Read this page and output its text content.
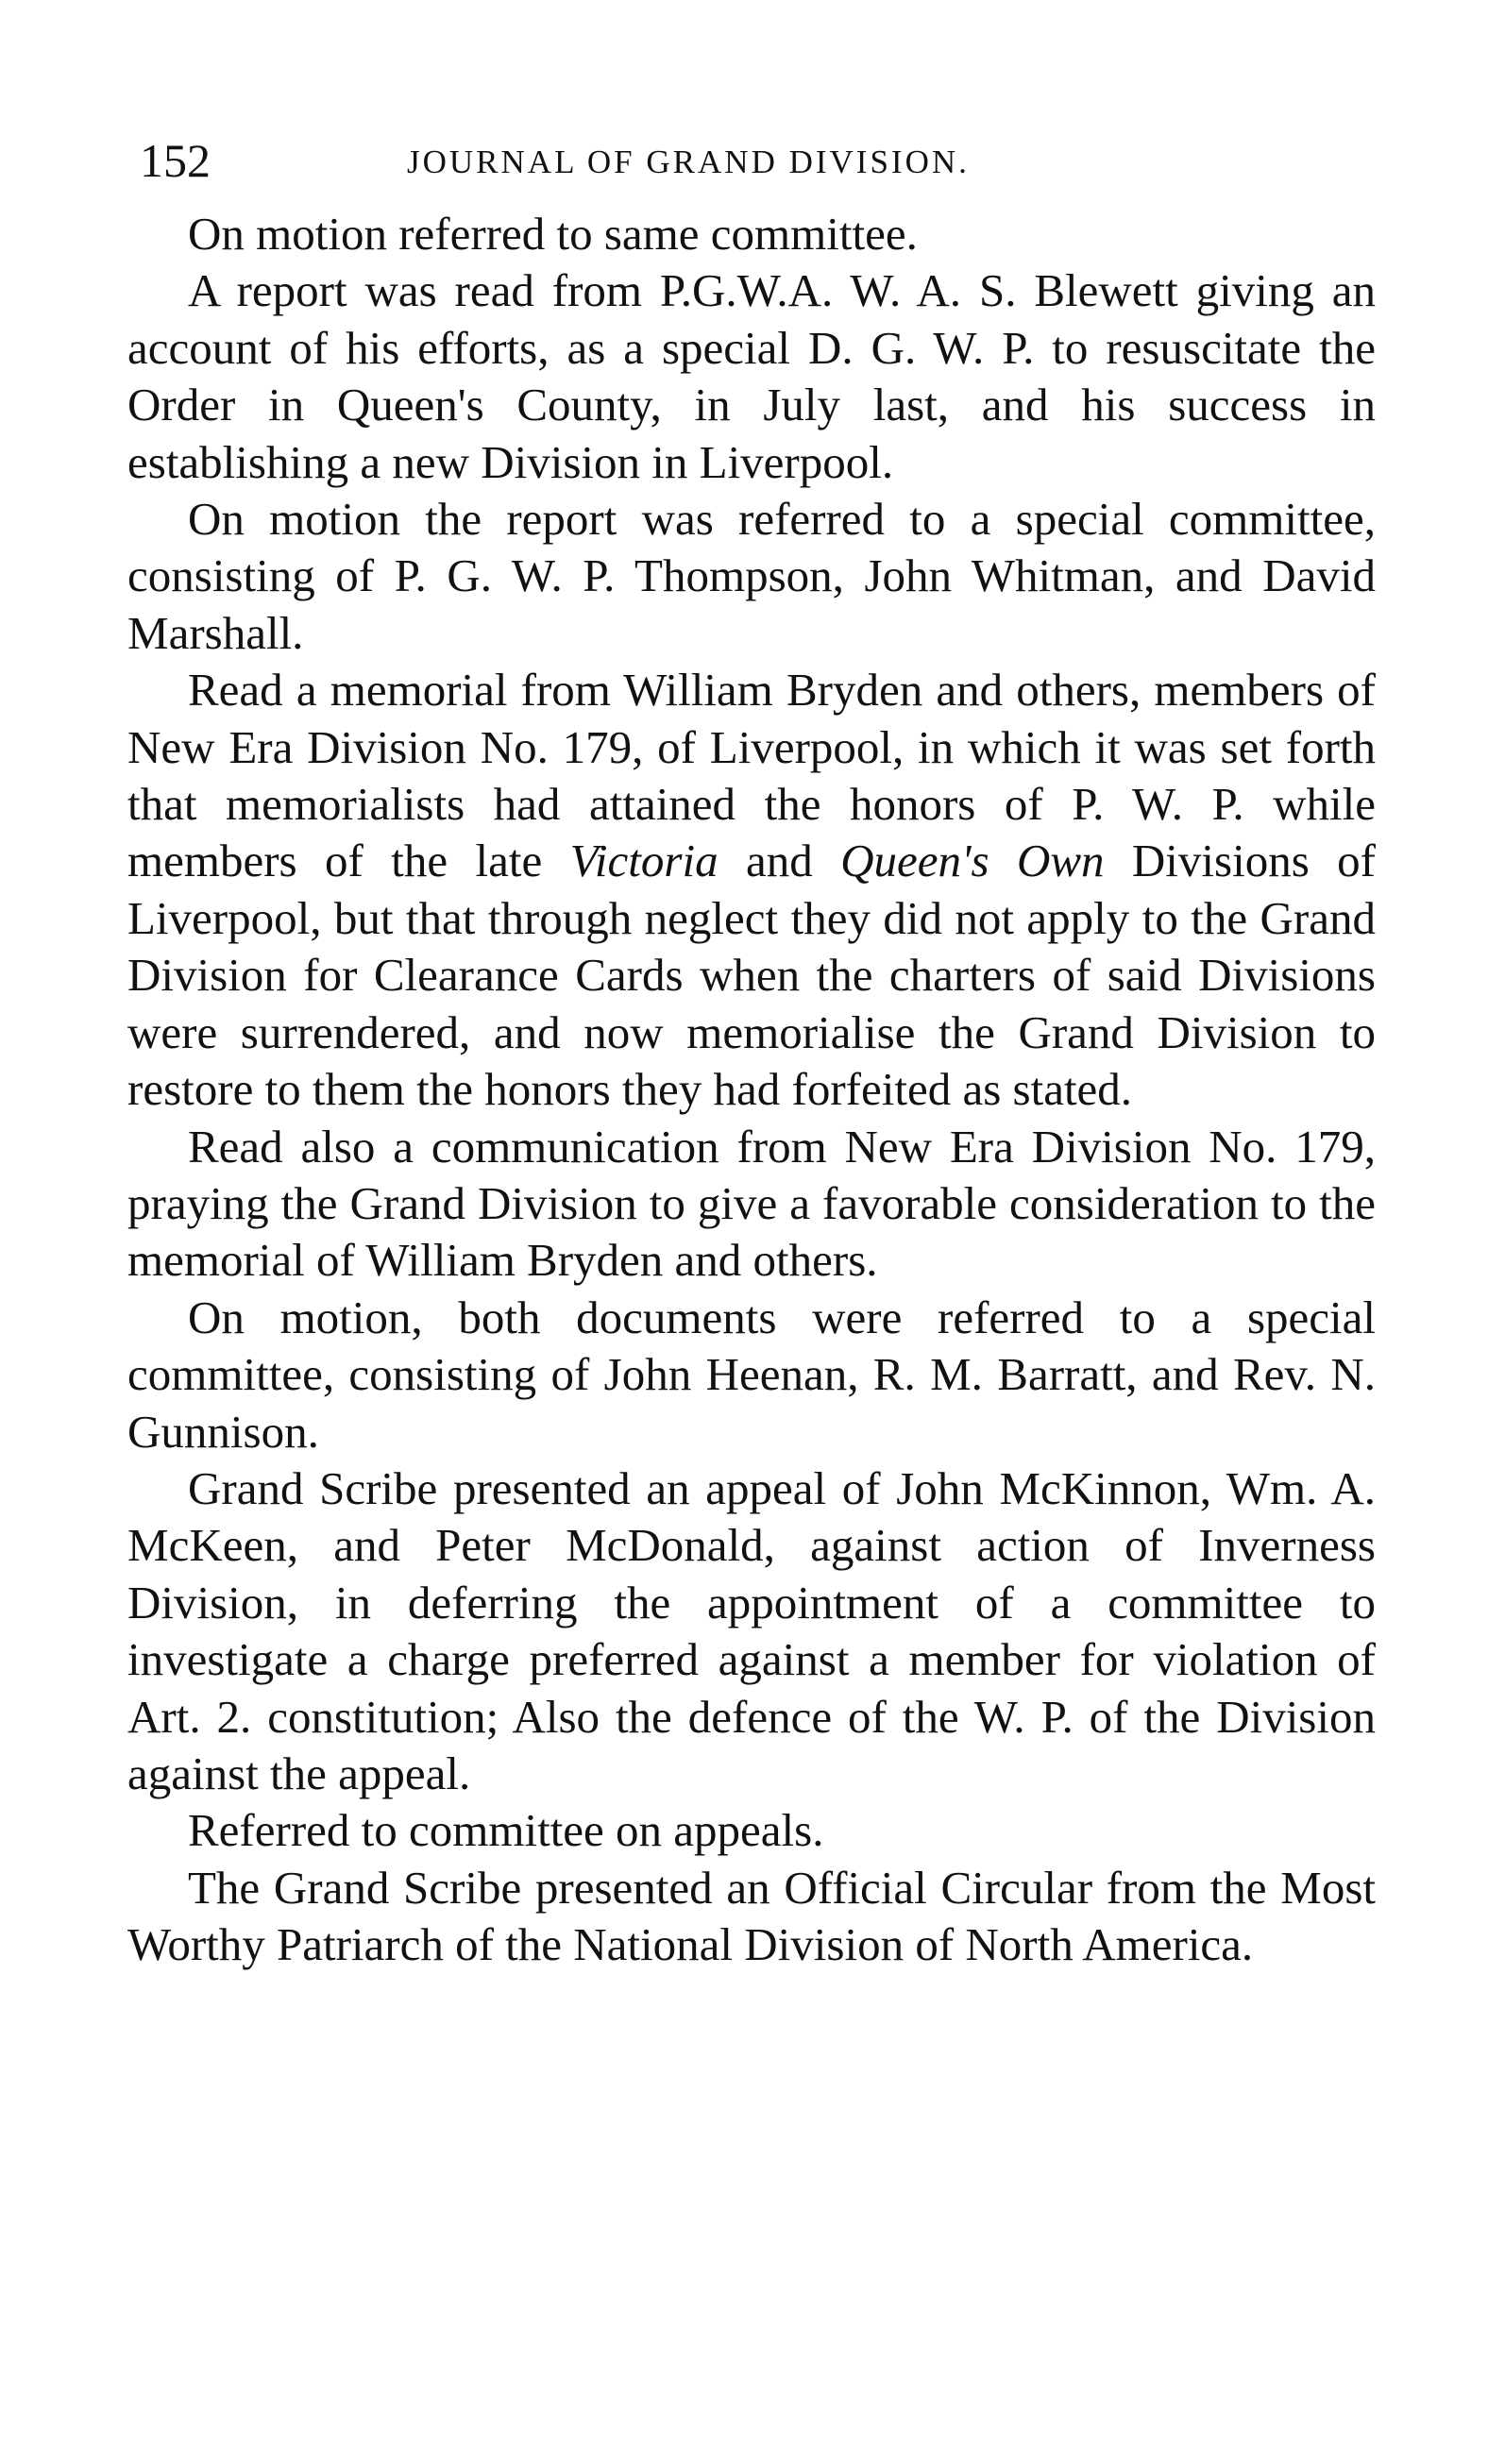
152	JOURNAL OF GRAND DIVISION.

On motion referred to same committee.

A report was read from P.G.W.A. W. A. S. Blewett giving an account of his efforts, as a special D. G. W. P. to resuscitate the Order in Queen's County, in July last, and his success in establishing a new Division in Liverpool.

On motion the report was referred to a special committee, consisting of P. G. W. P. Thompson, John Whitman, and David Marshall.

Read a memorial from William Bryden and others, members of New Era Division No. 179, of Liverpool, in which it was set forth that memorialists had attained the honors of P. W. P. while members of the late Victoria and Queen's Own Divisions of Liverpool, but that through neglect they did not apply to the Grand Division for Clearance Cards when the charters of said Divisions were surrendered, and now memorialise the Grand Division to restore to them the honors they had forfeited as stated.

Read also a communication from New Era Division No. 179, praying the Grand Division to give a favorable consideration to the memorial of William Bryden and others.

On motion, both documents were referred to a special committee, consisting of John Heenan, R. M. Barratt, and Rev. N. Gunnison.

Grand Scribe presented an appeal of John McKinnon, Wm. A. McKeen, and Peter McDonald, against action of Inverness Division, in deferring the appointment of a committee to investigate a charge preferred against a member for violation of Art. 2. constitution; Also the defence of the W. P. of the Division against the appeal.

Referred to committee on appeals.

The Grand Scribe presented an Official Circular from the Most Worthy Patriarch of the National Division of North America.
